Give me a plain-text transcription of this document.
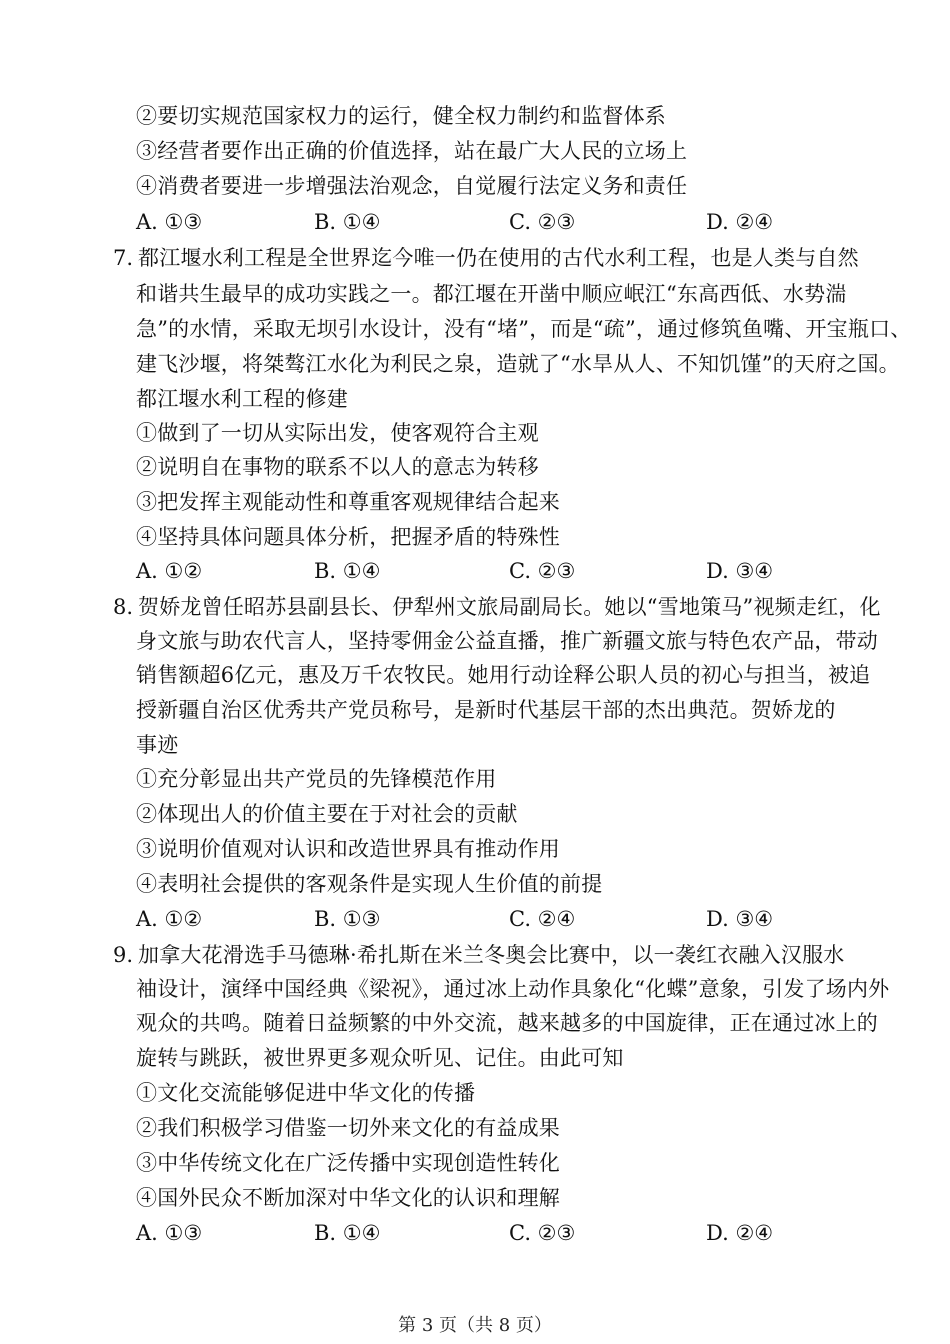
②要切实规范国家权力的运行，健全权力制约和监督体系
③经营者要作出正确的价值选择，站在最广大人民的立场上
④消费者要进一步增强法治观念，自觉履行法定义务和责任
A. ①③	B. ①④	C. ②③	D. ②④
7. 都江堰水利工程是全世界迄今唯一仍在使用的古代水利工程，也是人类与自然
和谐共生最早的成功实践之一。都江堰在开凿中顺应岷江“东高西低、水势湍
急”的水情，采取无坝引水设计，没有“堵”，而是“疏”，通过修筑鱼嘴、开宝瓶口、
建飞沙堰，将桀骜江水化为利民之泉，造就了“水旱从人、不知饥馑”的天府之国。
都江堰水利工程的修建
①做到了一切从实际出发，使客观符合主观
②说明自在事物的联系不以人的意志为转移
③把发挥主观能动性和尊重客观规律结合起来
④坚持具体问题具体分析，把握矛盾的特殊性
A. ①②	B. ①④	C. ②③	D. ③④
8. 贺娇龙曾任昭苏县副县长、伊犁州文旅局副局长。她以“雪地策马”视频走红，化
身文旅与助农代言人，坚持零佣金公益直播，推广新疆文旅与特色农产品，带动
销售额超6亿元，惠及万千农牧民。她用行动诠释公职人员的初心与担当，被追
授新疆自治区优秀共产党员称号，是新时代基层干部的杰出典范。贺娇龙的
事迹
①充分彰显出共产党员的先锋模范作用
②体现出人的价值主要在于对社会的贡献
③说明价值观对认识和改造世界具有推动作用
④表明社会提供的客观条件是实现人生价值的前提
A. ①②	B. ①③	C. ②④	D. ③④
9. 加拿大花滑选手马德琳·希扎斯在米兰冬奥会比赛中，以一袭红衣融入汉服水
袖设计，演绎中国经典《梁祝》，通过冰上动作具象化“化蝶”意象，引发了场内外
观众的共鸣。随着日益频繁的中外交流，越来越多的中国旋律，正在通过冰上的
旋转与跳跃，被世界更多观众听见、记住。由此可知
①文化交流能够促进中华文化的传播
②我们积极学习借鉴一切外来文化的有益成果
③中华传统文化在广泛传播中实现创造性转化
④国外民众不断加深对中华文化的认识和理解
A. ①③	B. ①④	C. ②③	D. ②④
第 3 页（共 8 页）
